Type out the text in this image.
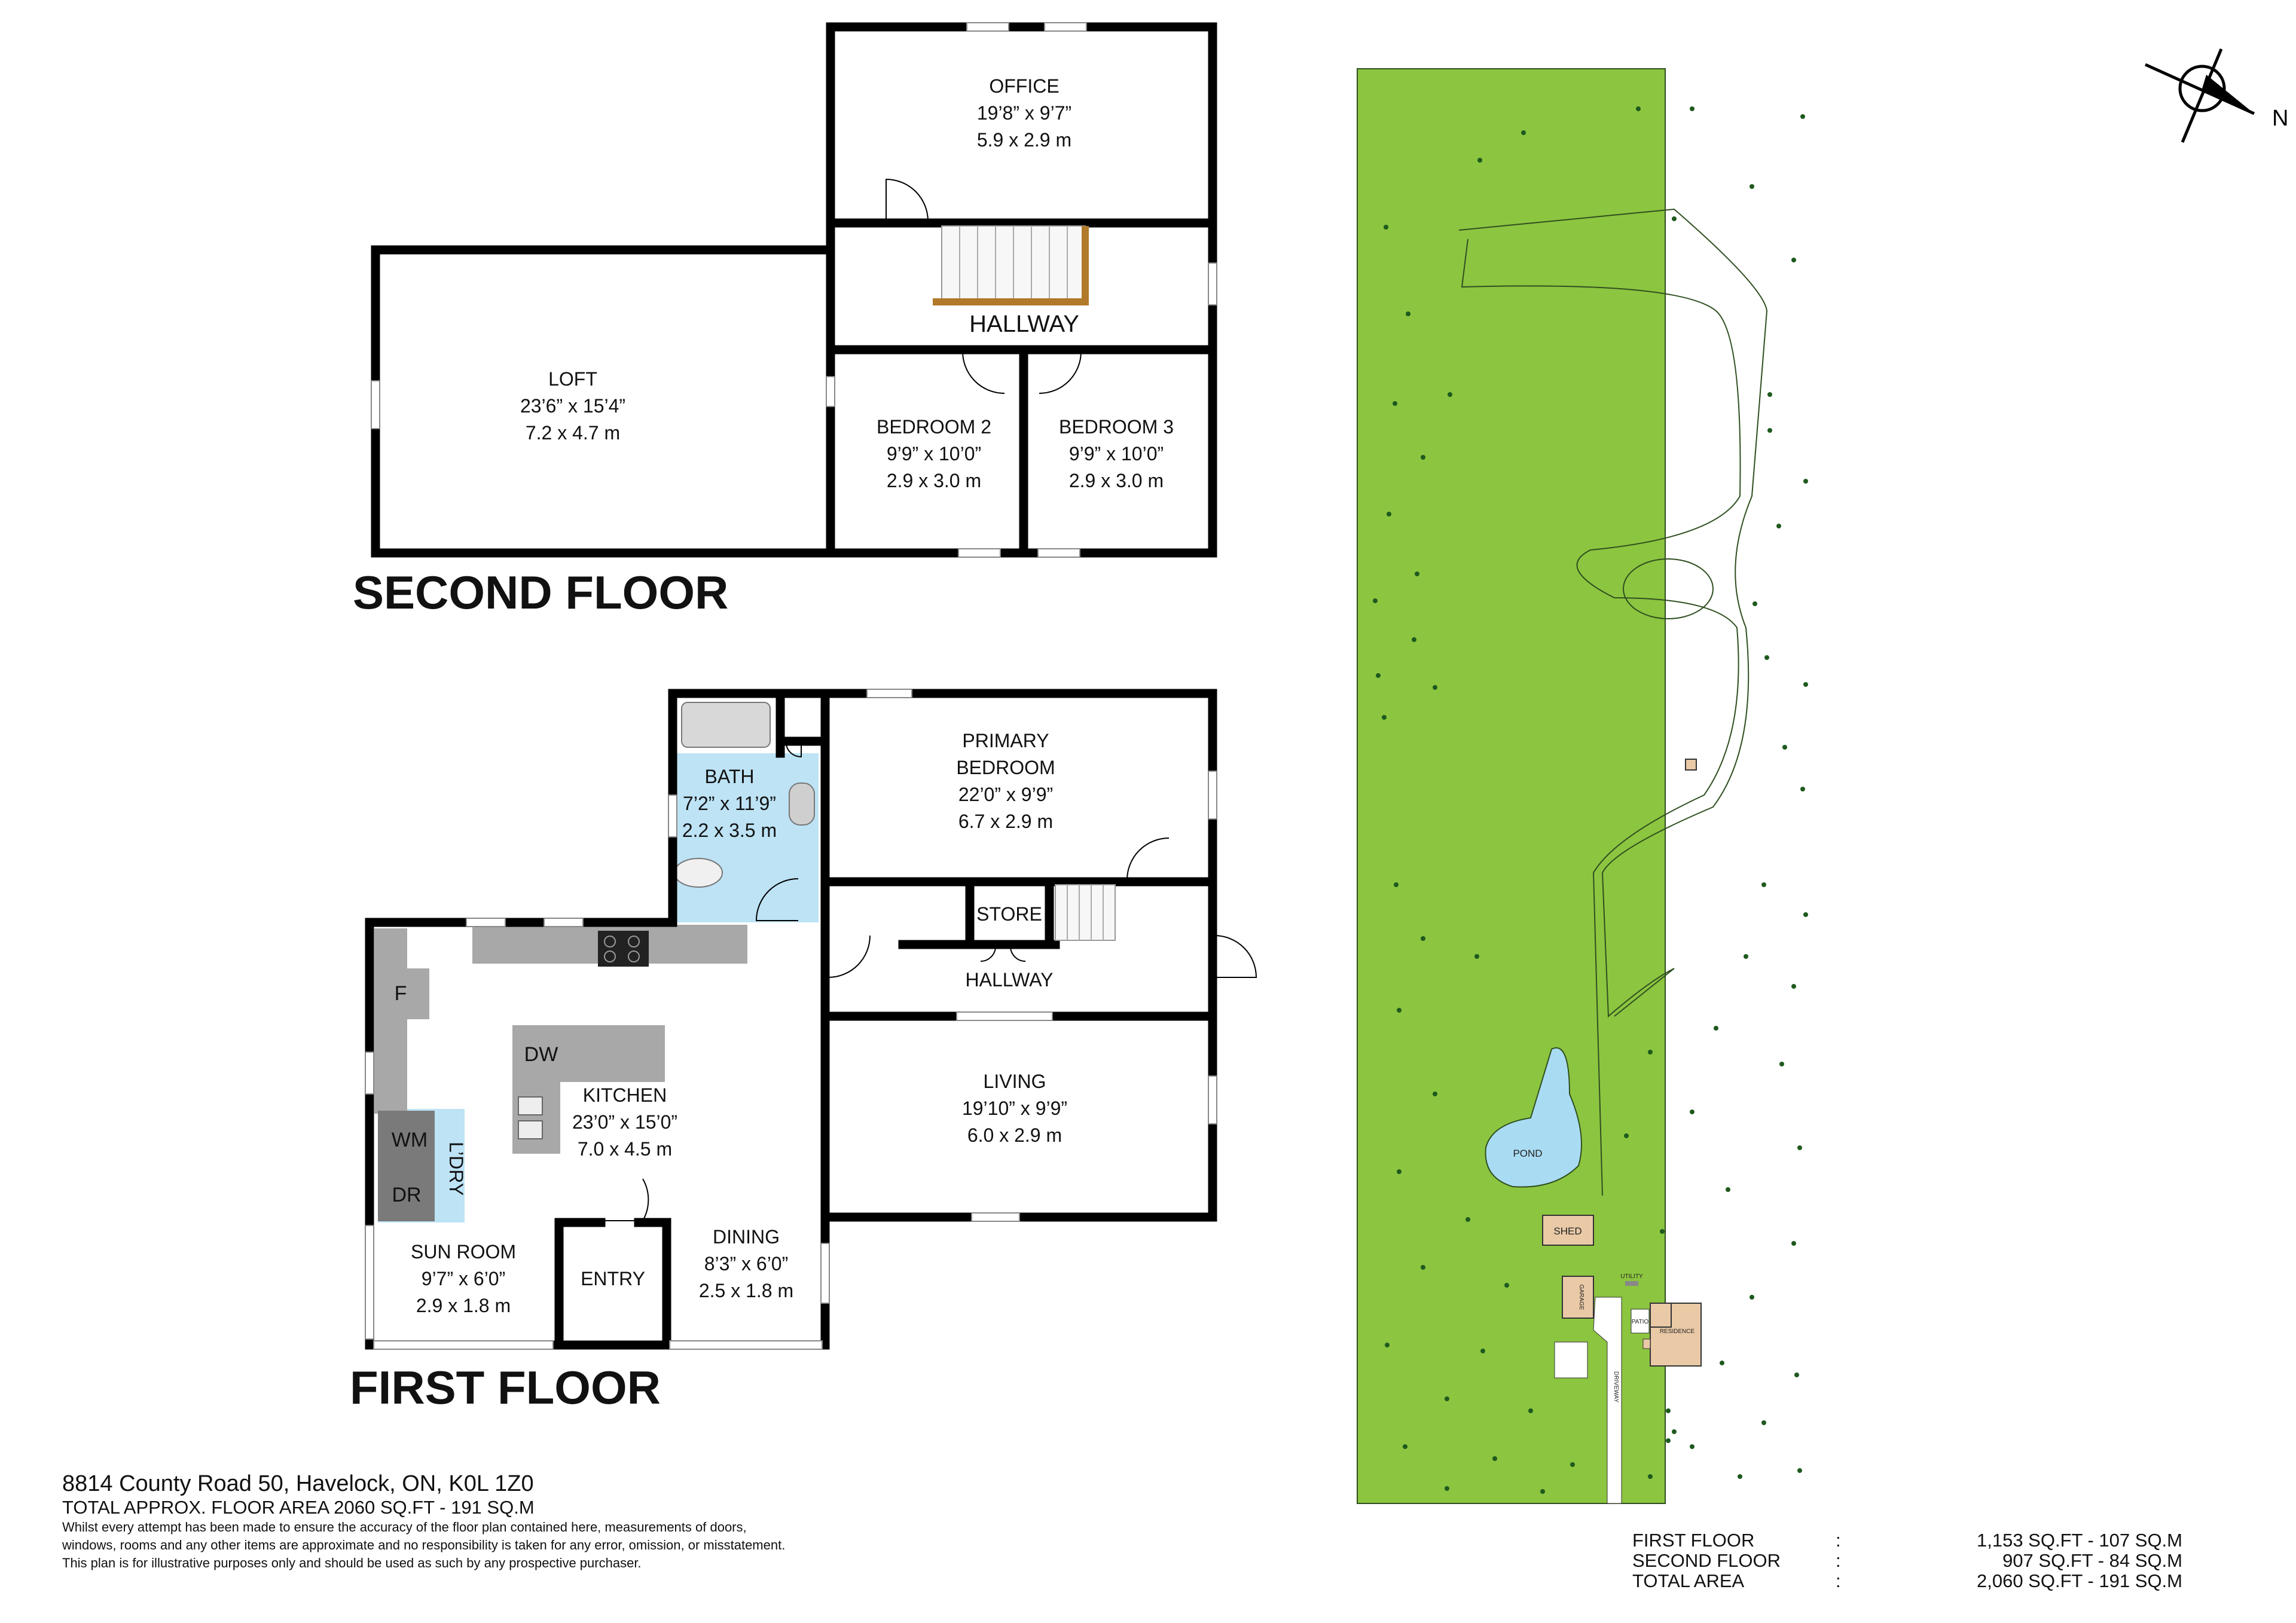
OFFICE
19’8” x 9’7”
5.9 x 2.9 m
HALLWAY
LOFT
23’6” x 15’4”
7.2 x 4.7 m	BEDROOM 2
9’9” x 10’0”
2.9 x 3.0 m
BEDROOM 3
9’9” x 10’0”
2.9 x 3.0 m
SECOND FLOOR
BATH
7’2” x 11’9”
2.2 x 3.5 m
PRIMARY
BEDROOM
22’0” x 9’9”
6.7 x 2.9 m
STORE
HALLWAY
KITCHEN
23’0” x 15’0”
7.0 x 4.5 m
LIVING
19’10” x 9’9”
6.0 x 2.9 m
SUN ROOM
9’7” x 6’0”
2.9 x 1.8 m
ENTRY
DINING
8’3” x 6’0”
2.5 x 1.8 m
F
DW
WM
DR L’DRY
FIRST FLOOR
POND
SHED
GARAGE
RESIDENCE
PATIO
UTILITY
DRIVEWAY
N
8814 County Road 50, Havelock, ON, K0L 1Z0
TOTAL APPROX. FLOOR AREA 2060 SQ.FT - 191 SQ.M
Whilst every attempt has been made to ensure the accuracy of the floor plan contained here, measurements of doors,
windows, rooms and any other items are approximate and no responsibility is taken for any error, omission, or misstatement.
This plan is for illustrative purposes only and should be used as such by any prospective purchaser.
FIRST FLOOR	:	1,153 SQ.FT - 107 SQ.M
SECOND FLOOR	:	907 SQ.FT - 84 SQ.M
TOTAL AREA	:	2,060 SQ.FT - 191 SQ.M
